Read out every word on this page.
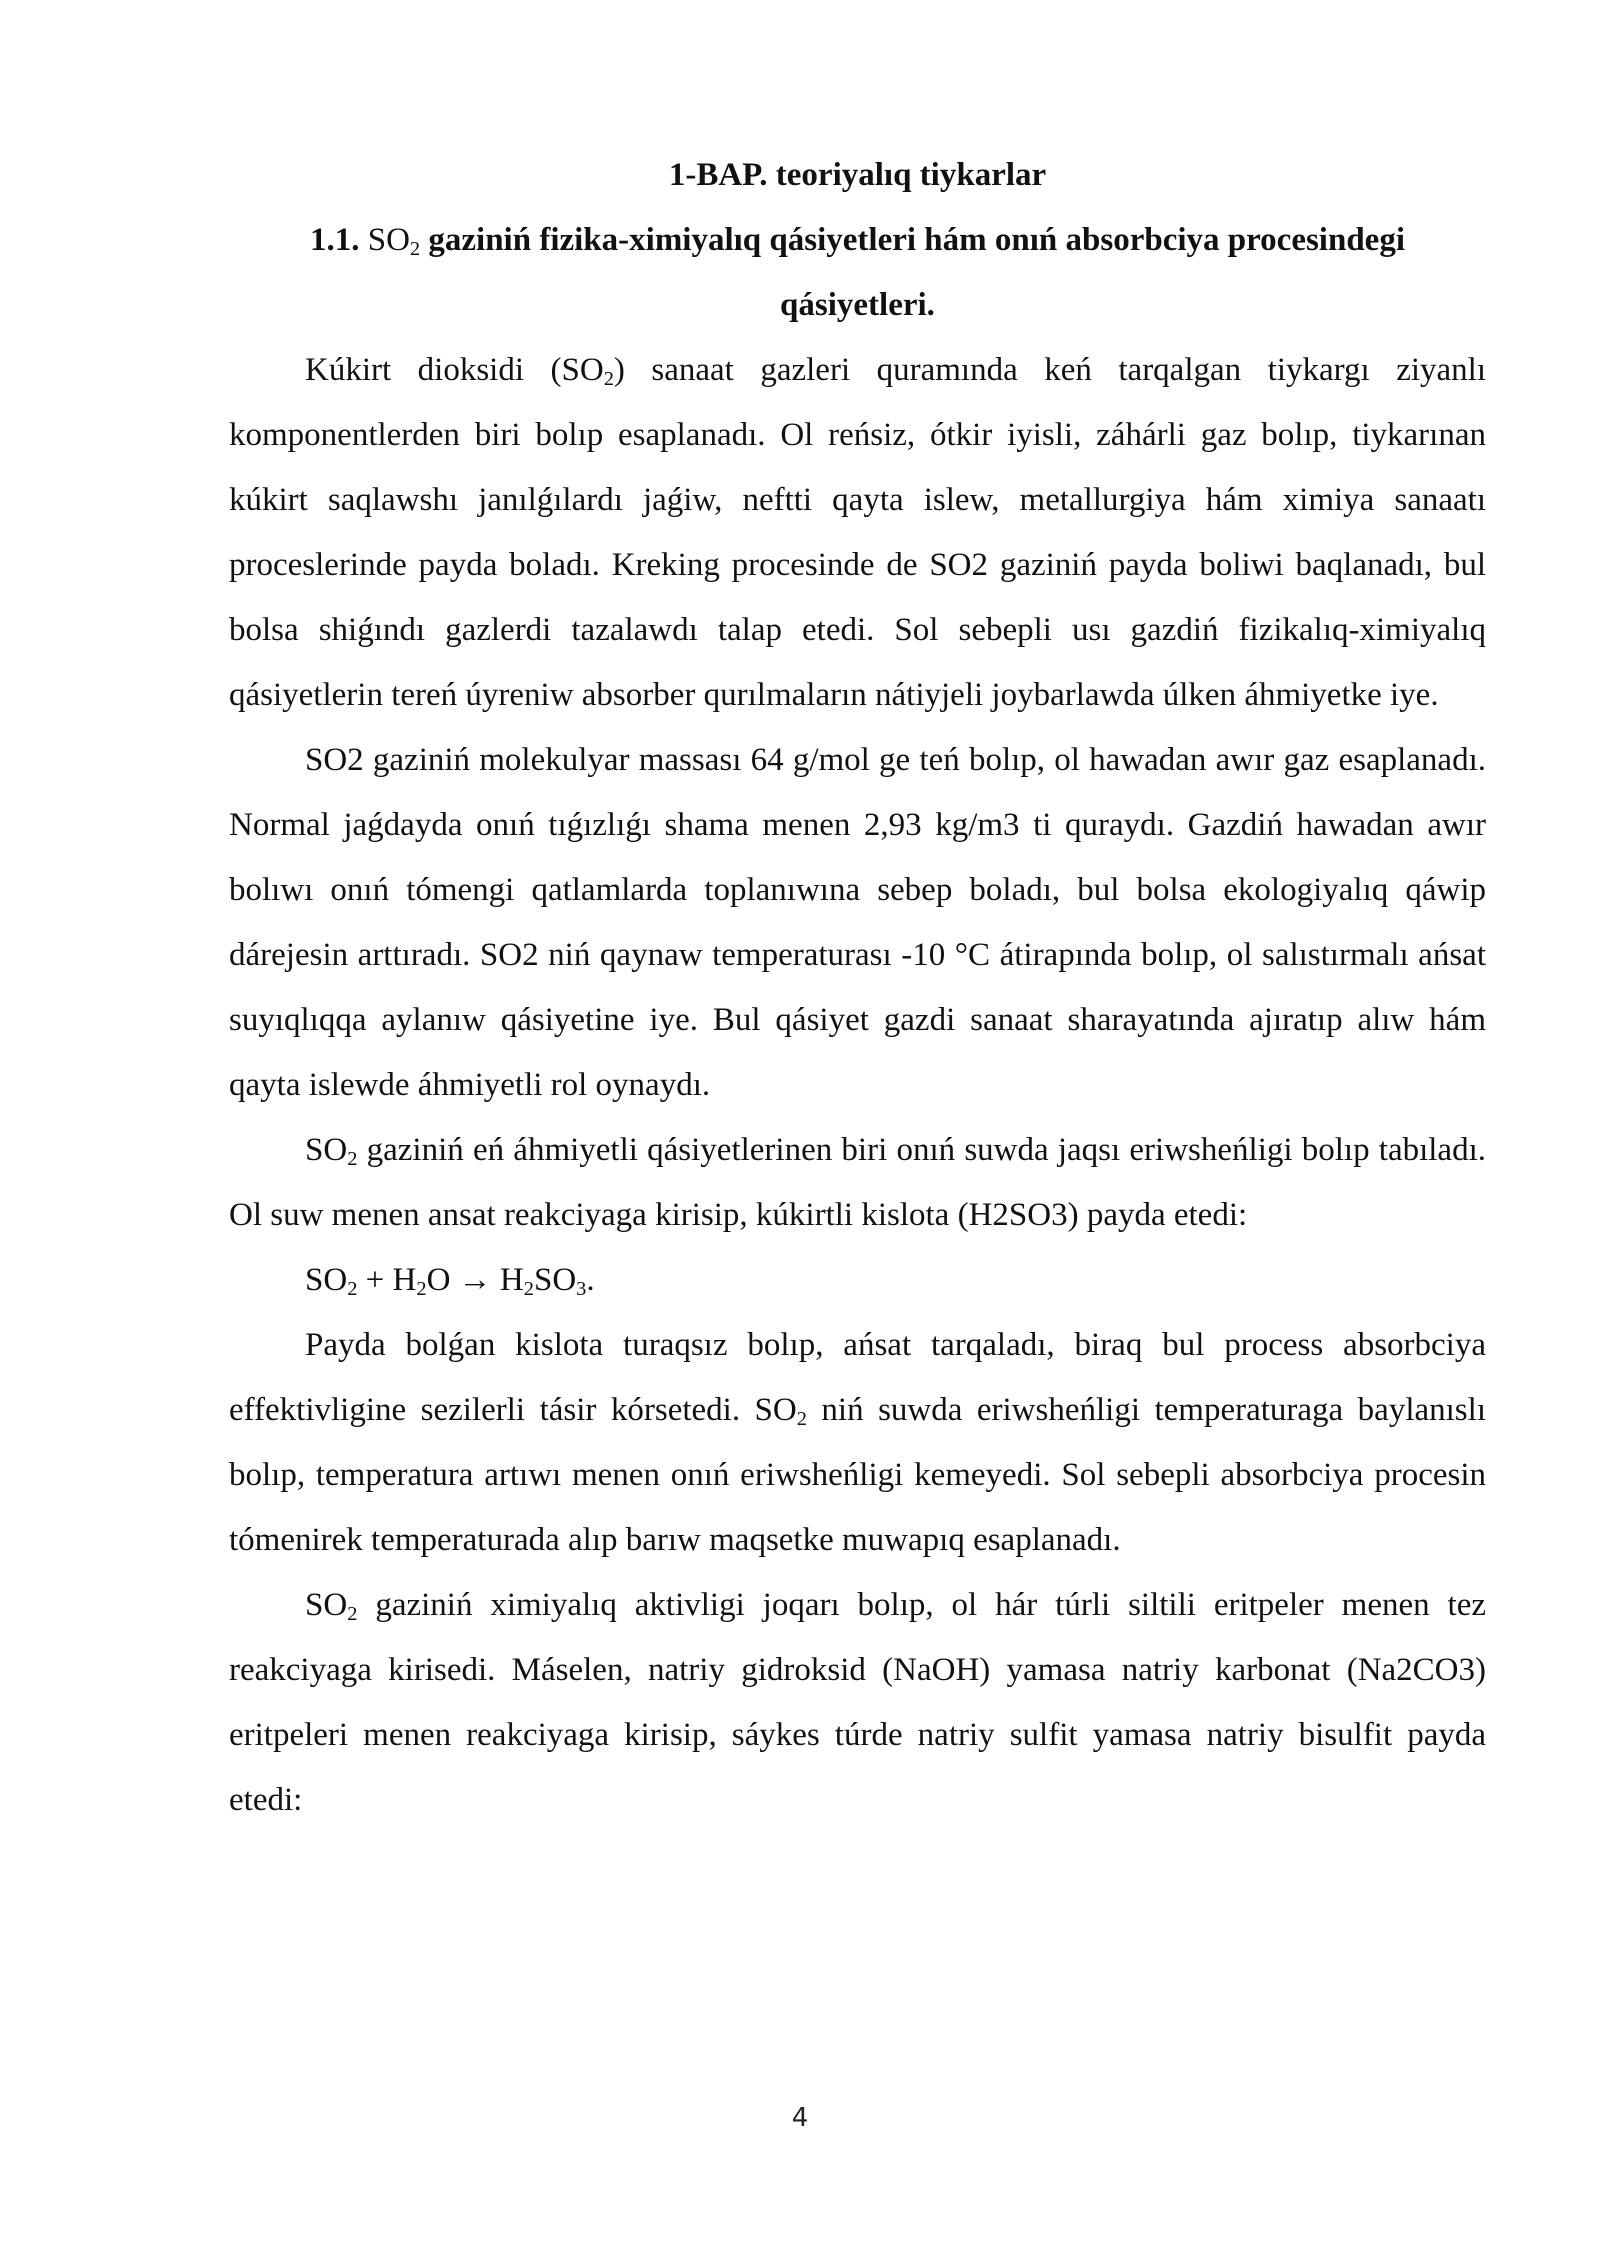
1-BAP. teoriyalıq tiykarlar

1.1. $SO_2$ gaziniń fizika-ximiyalıq qásiyetleri hám onıń absorbciya procesindegi qásiyetleri.

Kúkirt dioksidi $(SO_2)$ sanaat gazleri quramında keń tarqalgan tiykargı ziyanlı komponentlerden biri bolıp esaplanadı. Ol reńsiz, ótkir iyisli, záhárli gaz bolıp, tiykarınan kúkirt saqlawshı janılǵılardı jaǵiw, neftti qayta islew, metallurgiya hám ximiya sanaatı proceslerinde payda boladı. Kreking procesinde de SO2 gaziniń payda boliwi baqlanadı, bul bolsa shiǵındı gazlerdi tazalawdı talap etedi. Sol sebepli usı gazdiń fizikalıq-ximiyalıq qásiyetlerin tereń úyreniw absorber qurılmaların nátiyjeli joybarlawda úlken áhmiyetke iye.

SO2 gaziniń molekulyar massası 64 g/mol ge teń bolıp, ol hawadan awır gaz esaplanadı. Normal jaǵdayda onıń tıǵızlıǵı shama menen 2,93 kg/m3 ti quraydı. Gazdiń hawadan awır bolıwı onıń tómengi qatlamlarda toplanıwına sebep boladı, bul bolsa ekologiyalıq qáwip dárejesin arttıradı. SO2 niń qaynaw temperaturası -10 °C átirapında bolıp, ol salıstırmalı ańsat suyıqlıqqa aylanıw qásiyetine iye. Bul qásiyet gazdi sanaat sharayatında ajıratıp alıw hám qayta islewde áhmiyetli rol oynaydı.

$SO_2$ gaziniń eń áhmiyetli qásiyetlerinen biri onıń suwda jaqsı eriwsheńligi bolıp tabıladı. Ol suw menen ansat reakciyaga kirisip, kúkirtli kislota (H2SO3) payda etedi:

$SO_2 + H_2O \to H_2SO_3$.

Payda bolǵan kislota turaqsız bolıp, ańsat tarqaladı, biraq bul process absorbciya effektivligine sezilerli tásir kórsetedi. $SO_2$ niń suwda eriwsheńligi temperaturaga baylanıslı bolıp, temperatura artıwı menen onıń eriwsheńligi kemeyedi. Sol sebepli absorbciya procesin tómenirek temperaturada alıp barıw maqsetke muwapıq esaplanadı.

$SO_2$ gaziniń ximiyalıq aktivligi joqarı bolıp, ol hár túrli siltili eritpeler menen tez reakciyaga kirisedi. Máselen, natriy gidroksid (NaOH) yamasa natriy karbonat (Na2CO3) eritpeleri menen reakciyaga kirisip, sáykes túrde natriy sulfit yamasa natriy bisulfit payda etedi:

4
